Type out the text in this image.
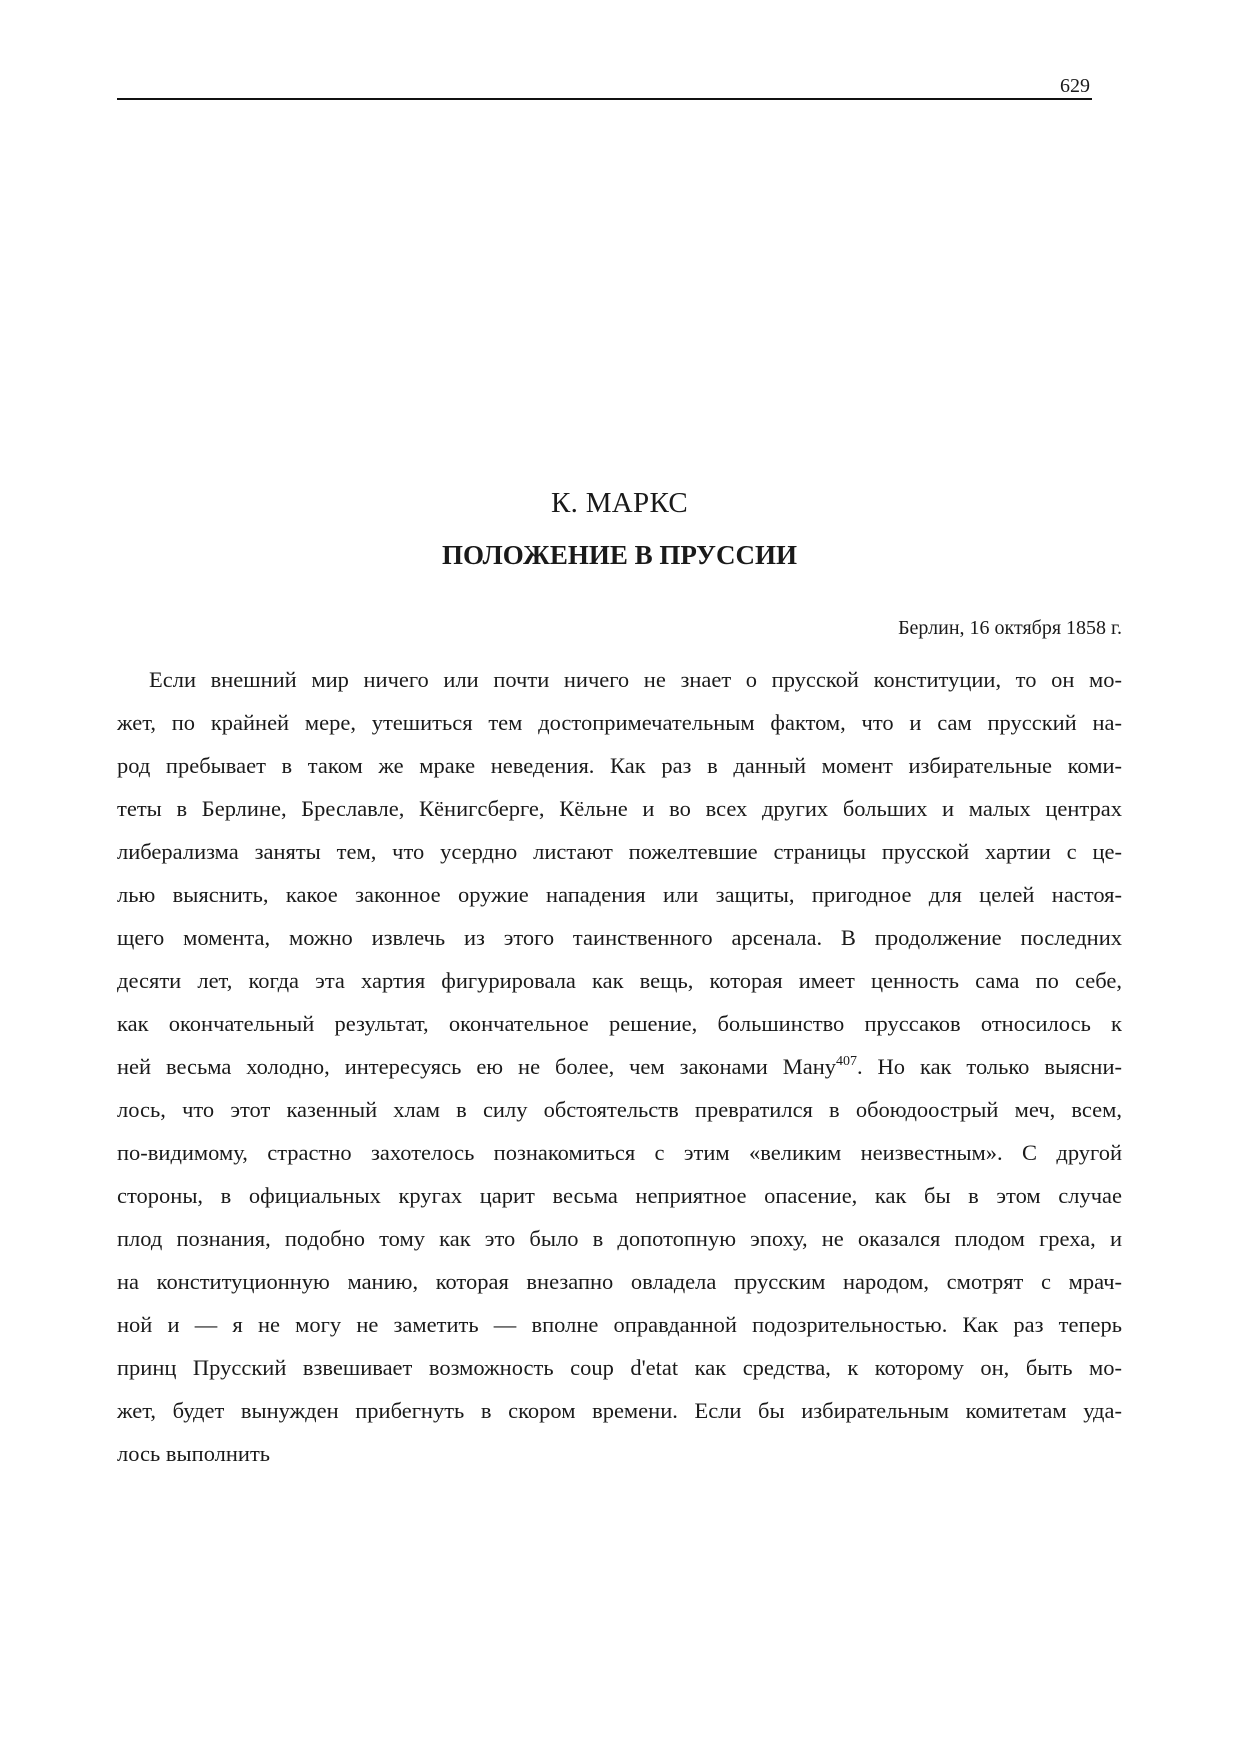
629
К. МАРКС
ПОЛОЖЕНИЕ В ПРУССИИ
Берлин, 16 октября 1858 г.
Если внешний мир ничего или почти ничего не знает о прусской конституции, то он мо-
жет, по крайней мере, утешиться тем достопримечательным фактом, что и сам прусский на-
род пребывает в таком же мраке неведения. Как раз в данный момент избирательные коми-
теты в Берлине, Бреславле, Кёнигсберге, Кёльне и во всех других больших и малых центрах
либерализма заняты тем, что усердно листают пожелтевшие страницы прусской хартии с це-
лью выяснить, какое законное оружие нападения или защиты, пригодное для целей настоя-
щего момента, можно извлечь из этого таинственного арсенала. В продолжение последних
десяти лет, когда эта хартия фигурировала как вещь, которая имеет ценность сама по себе,
как окончательный результат, окончательное решение, большинство пруссаков относилось к
ней весьма холодно, интересуясь ею не более, чем законами Ману$^{407}$. Но как только выясни-
лось, что этот казенный хлам в силу обстоятельств превратился в обоюдоострый меч, всем,
по-видимому, страстно захотелось познакомиться с этим «великим неизвестным». С другой
стороны, в официальных кругах царит весьма неприятное опасение, как бы в этом случае
плод познания, подобно тому как это было в допотопную эпоху, не оказался плодом греха, и
на конституционную манию, которая внезапно овладела прусским народом, смотрят с мрач-
ной и — я не могу не заметить — вполне оправданной подозрительностью. Как раз теперь
принц Прусский взвешивает возможность coup d'etat как средства, к которому он, быть мо-
жет, будет вынужден прибегнуть в скором времени. Если бы избирательным комитетам уда-
лось выполнить
